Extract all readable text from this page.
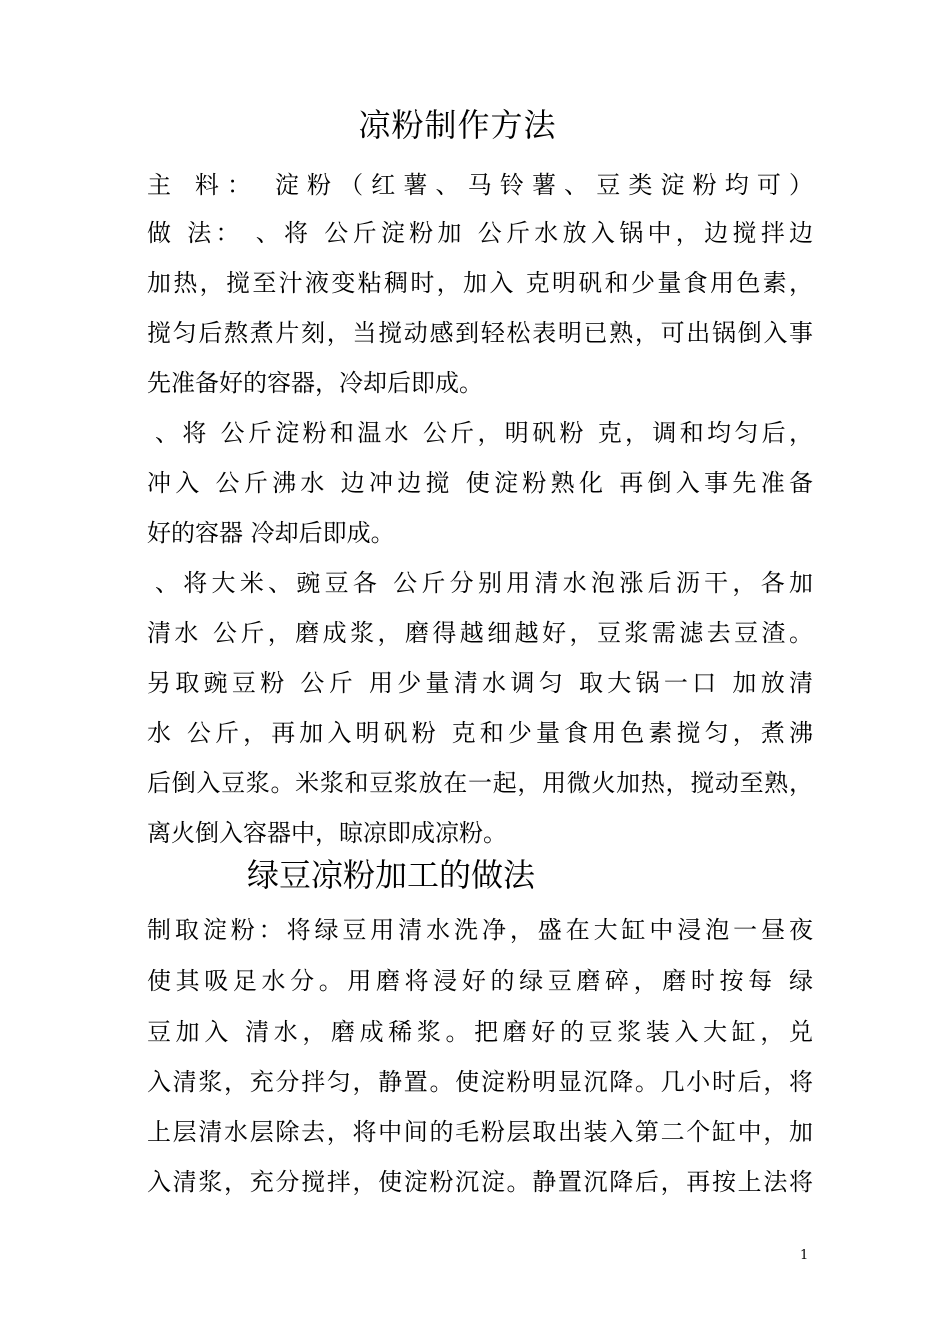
凉粉制作方法
主 料： 淀粉（红薯、马铃薯、豆类淀粉均可）
做 法： 、将 公斤淀粉加 公斤水放入锅中，边搅拌边
加热，搅至汁液变粘稠时，加入 克明矾和少量食用色素，
搅匀后熬煮片刻，当搅动感到轻松表明已熟，可出锅倒入事
先准备好的容器，冷却后即成。
、将 公斤淀粉和温水 公斤，明矾粉 克，调和均匀后，
冲入 公斤沸水 边冲边搅 使淀粉熟化 再倒入事先准备
好的容器 冷却后即成。
、将大米、豌豆各 公斤分别用清水泡涨后沥干，各加
清水 公斤，磨成浆，磨得越细越好，豆浆需滤去豆渣。
另取豌豆粉 公斤 用少量清水调匀 取大锅一口 加放清
水 公斤，再加入明矾粉 克和少量食用色素搅匀，煮沸
后倒入豆浆。米浆和豆浆放在一起，用微火加热，搅动至熟，
离火倒入容器中，晾凉即成凉粉。
绿豆凉粉加工的做法
制取淀粉：将绿豆用清水洗净，盛在大缸中浸泡一昼夜
使其吸足水分。用磨将浸好的绿豆磨碎，磨时按每 绿
豆加入 清水，磨成稀浆。把磨好的豆浆装入大缸，兑
入清浆，充分拌匀，静置。使淀粉明显沉降。几小时后，将
上层清水层除去，将中间的毛粉层取出装入第二个缸中，加
入清浆，充分搅拌，使淀粉沉淀。静置沉降后，再按上法将
1
